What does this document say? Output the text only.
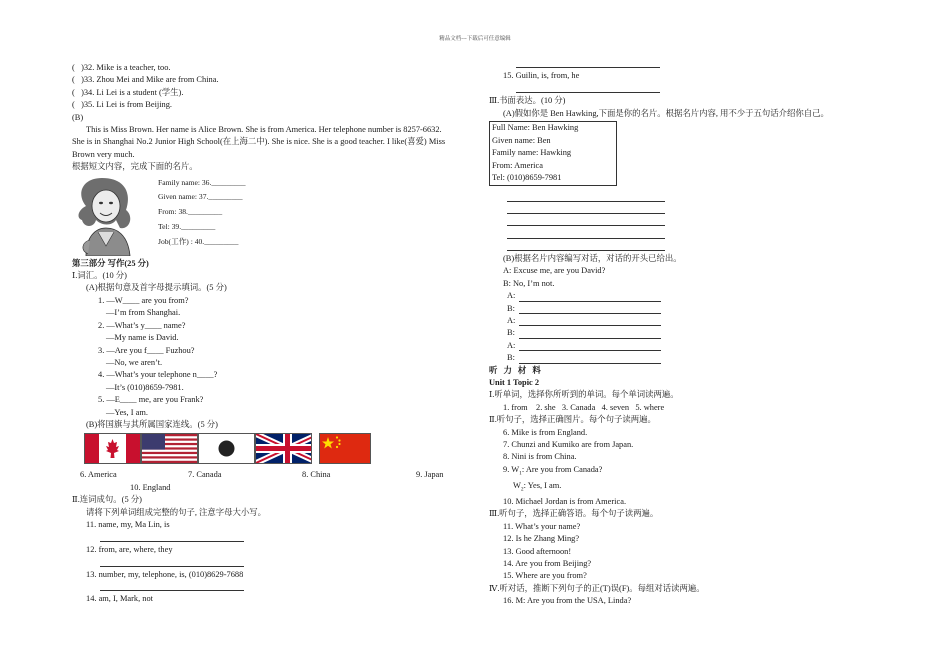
精品文档---下载后可任意编辑
( )32. Mike is a teacher, too.
( )33. Zhou Mei and Mike are from China.
( )34. Li Lei is a student (学生).
( )35. Li Lei is from Beijing.
(B)
This is Miss Brown. Her name is Alice Brown. She is from America. Her telephone number is 8257-6632. She is in Shanghai No.2 Junior High School(在上海二中). She is nice. She is a good teacher. I like(喜爱) Miss Brown very much.
根据短文内容，完成下面的名片。
Family name: 36._________
Given name: 37._________
From: 38._________
Tel: 39._________
Job(工作) : 40._________
第三部分 写作(25 分)
Ⅰ.词汇。(10 分)
(A)根据句意及首字母提示填词。(5 分)
1. —W____ are you from?
—I’m from Shanghai.
2. —What’s y____ name?
—My name is David.
3. —Are you f____ Fuzhou?
—No, we aren’t.
4. —What’s your telephone n____?
—It’s (010)8659-7981.
5. —E____ me, are you Frank?
—Yes, I am.
(B)将国旗与其所属国家连线。(5 分)
6. America	7. Canada	8. China	9. Japan
10. England
Ⅱ.连词成句。(5 分)
请将下列单词组成完整的句子, 注意字母大小写。
11. name, my, Ma Lin, is
12. from, are, where, they
13. number, my, telephone, is, (010)8629-7688
14. am, I, Mark, not
15. Guilin, is, from, he
Ⅲ.书面表达。(10 分)
(A)假如你是 Ben Hawking,下面是你的名片。根据名片内容, 用不少于五句话介绍你自己。
Full Name: Ben Hawking
Given name: Ben
Family name: Hawking
From: America
Tel: (010)8659-7981
(B)根据名片内容编写对话，对话的开头已给出。
A: Excuse me, are you David?
B: No, I’m not.
A:
B:
A:
B:
A:
B:
听 力 材 料
Unit 1 Topic 2
Ⅰ.听单词，选择你所听到的单词。每个单词读两遍。
1. from    2. she   3. Canada   4. seven   5. where
Ⅱ.听句子，选择正确图片。每个句子读两遍。
6. Mike is from England.
7. Chunzi and Kumiko are from Japan.
8. Nini is from China.
9. $W_1$: Are you from Canada?
$W_2$: Yes, I am.
10. Michael Jordan is from America.
Ⅲ.听句子，选择正确答语。每个句子读两遍。
11. What’s your name?
12. Is he Zhang Ming?
13. Good afternoon!
14. Are you from Beijing?
15. Where are you from?
Ⅳ.听对话，推断下列句子的正(T)误(F)。每组对话读两遍。
16. M: Are you from the USA, Linda?
